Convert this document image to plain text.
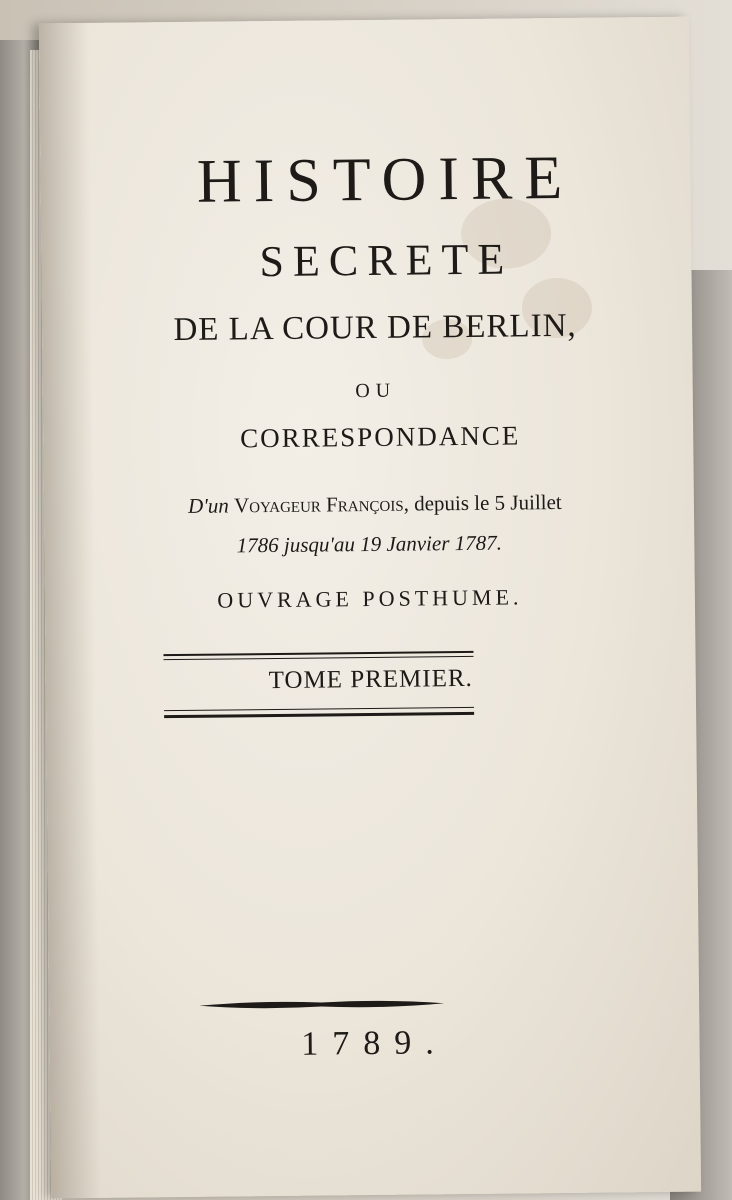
HISTOIRE
SECRETE
DE LA COUR DE BERLIN,
OU
CORRESPONDANCE
D'un Voyageur François, depuis le 5 Juillet
1786 jusqu'au 19 Janvier 1787.
OUVRAGE POSTHUME.
TOME PREMIER.
1789.
